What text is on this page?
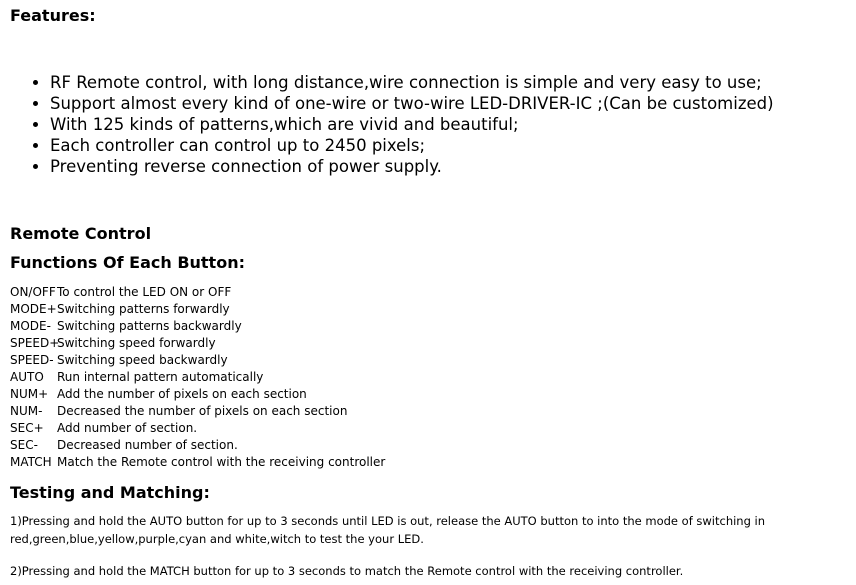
Features:
• RF Remote control, with long distance,wire connection is simple and very easy to use;
• Support almost every kind of one-wire or two-wire LED-DRIVER-IC ;(Can be customized)
• With 125 kinds of patterns,which are vivid and beautiful;
• Each controller can control up to 2450 pixels;
• Preventing reverse connection of power supply.
Remote Control
Functions Of Each Button:
ON/OFFTo control the LED ON or OFF
MODE+Switching patterns forwardly
MODE- Switching patterns backwardly
SPEED+Switching speed forwardly
SPEED- Switching speed backwardly
AUTO Run internal pattern automatically
NUM+ Add the number of pixels on each section
NUM- Decreased the number of pixels on each section
SEC+ Add number of section.
SEC- Decreased number of section.
MATCH Match the Remote control with the receiving controller
Testing and Matching:

1)Pressing and hold the AUTO button for up to 3 seconds until LED is out, release the AUTO button to into the mode of switching in red,green,blue,yellow,purple,cyan and white,witch to test the your LED.

2)Pressing and hold the MATCH button for up to 3 seconds to match the Remote control with the receiving controller.
